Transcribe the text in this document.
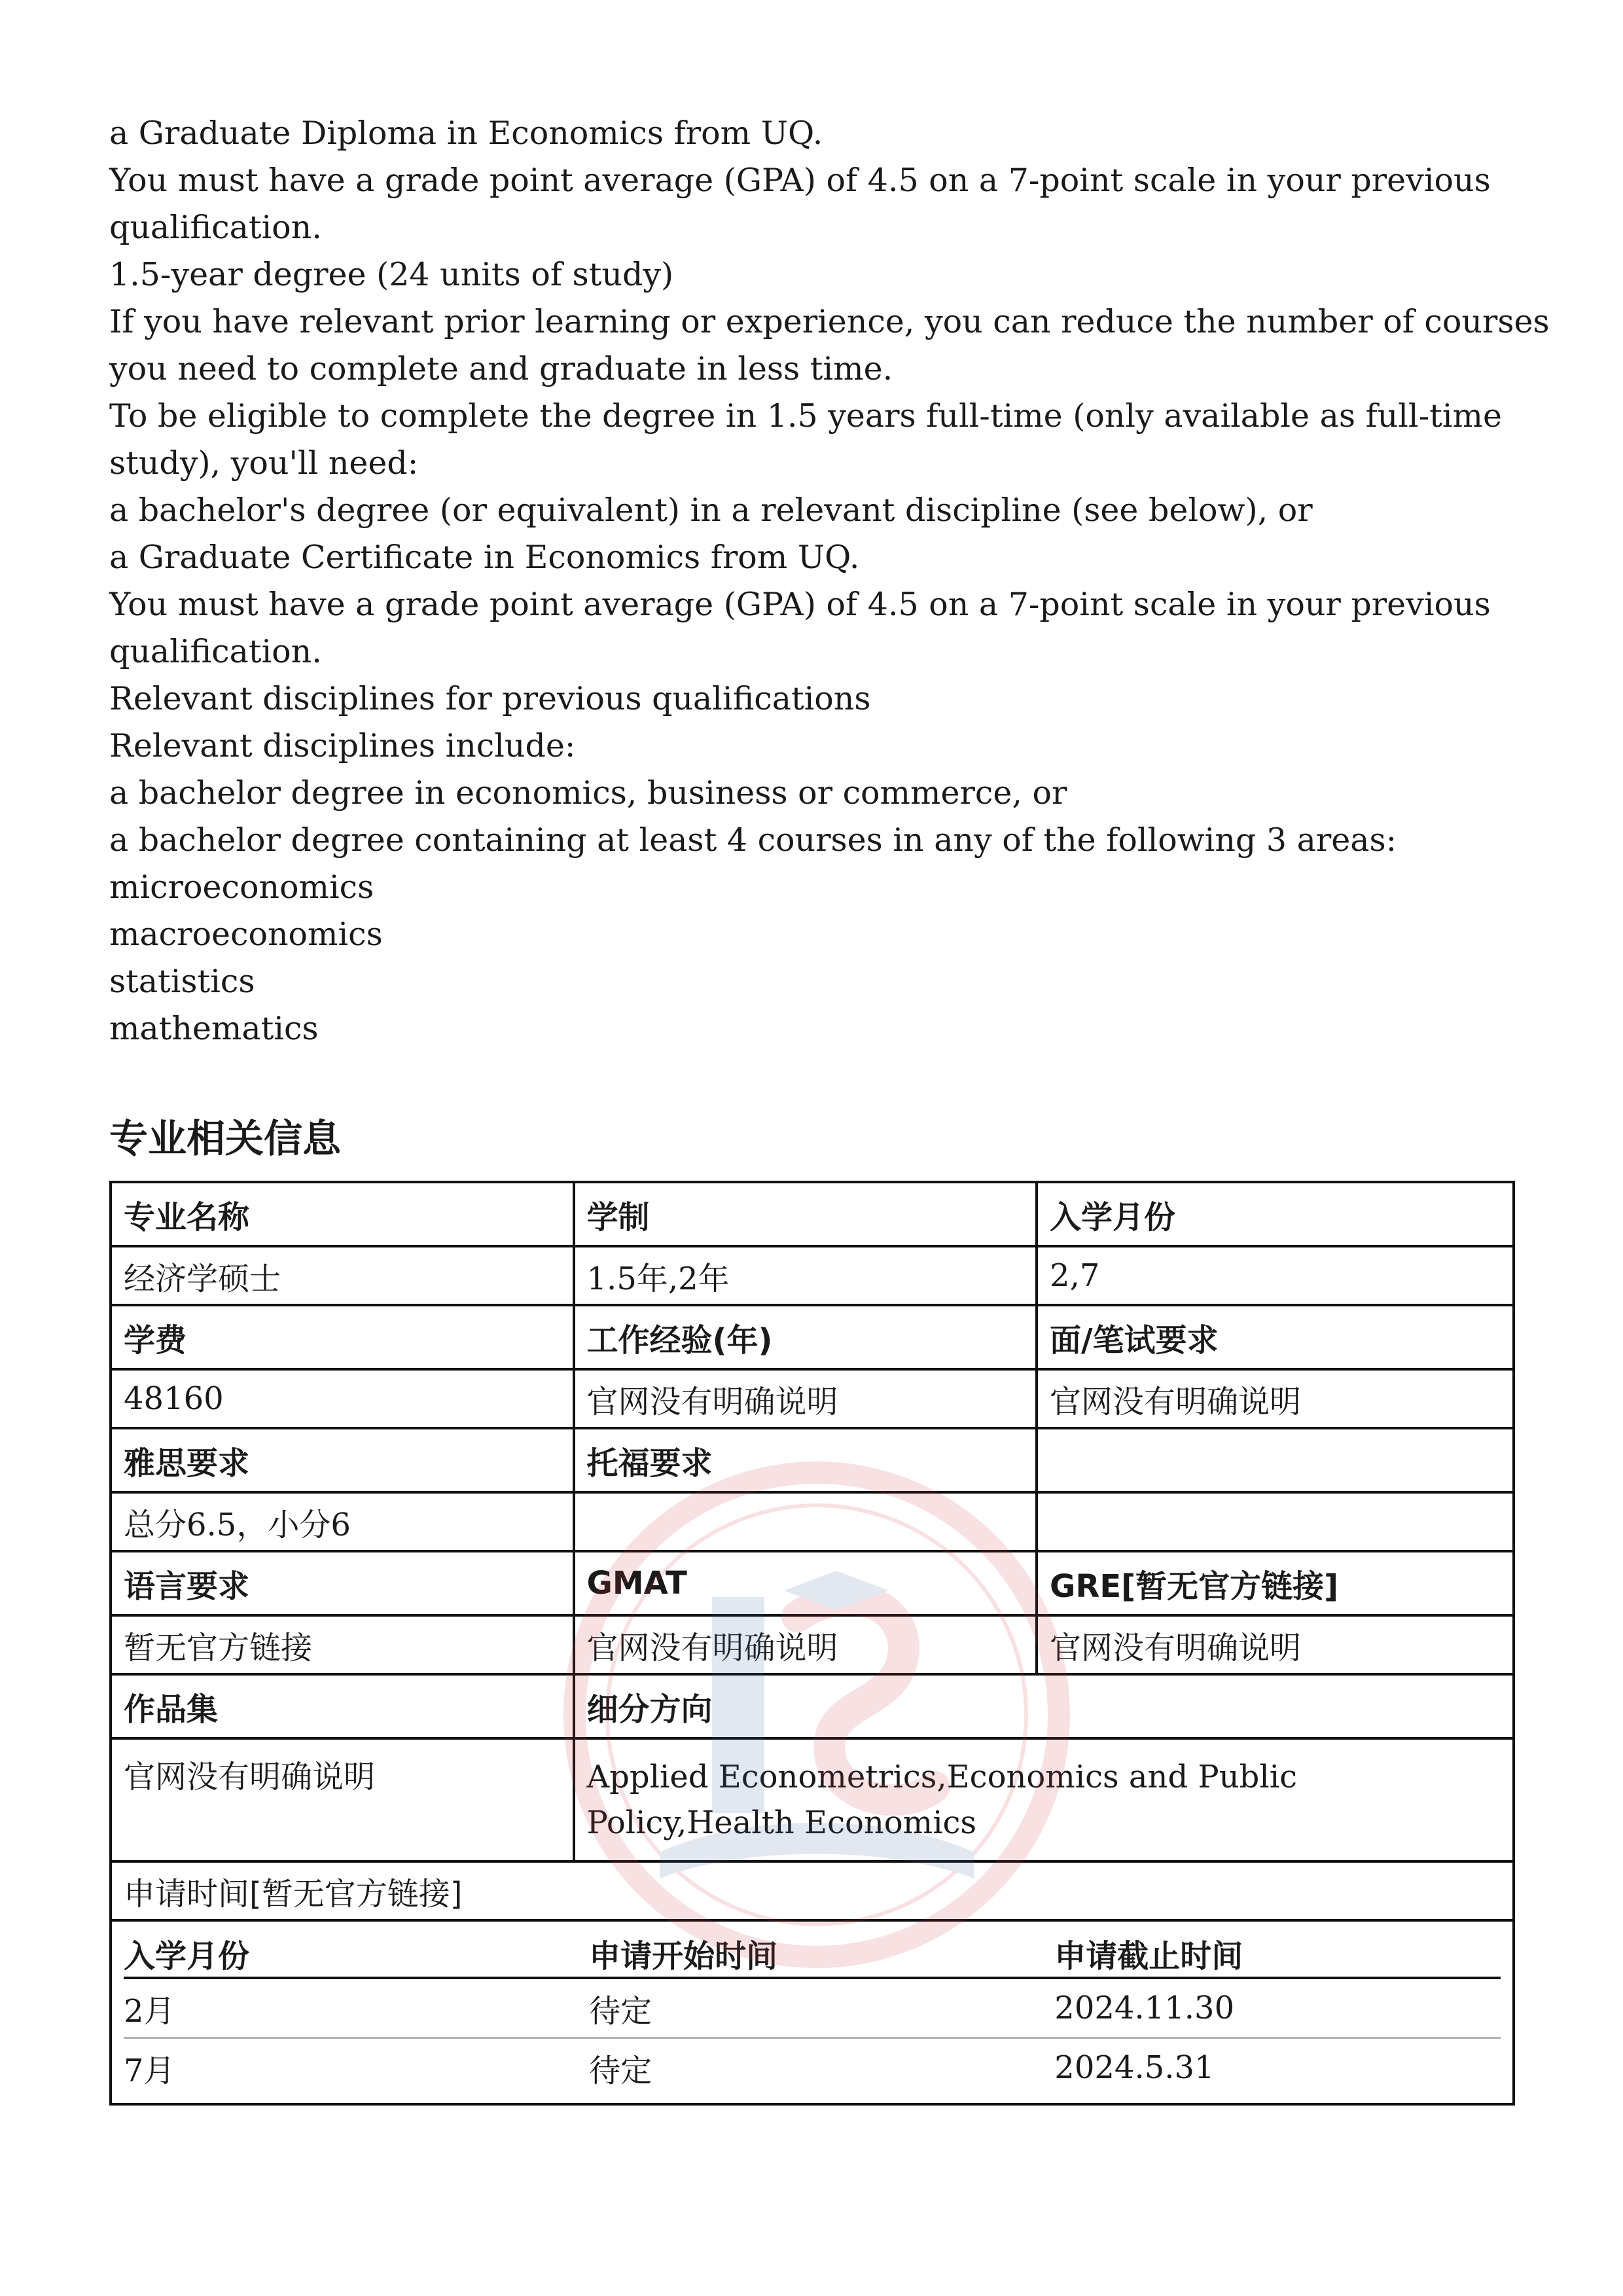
a Graduate Diploma in Economics from UQ.
You must have a grade point average (GPA) of 4.5 on a 7-point scale in your previous
qualification.
1.5-year degree (24 units of study)
If you have relevant prior learning or experience, you can reduce the number of courses
you need to complete and graduate in less time.
To be eligible to complete the degree in 1.5 years full-time (only available as full-time
study), you'll need:
a bachelor's degree (or equivalent) in a relevant discipline (see below), or
a Graduate Certificate in Economics from UQ.
You must have a grade point average (GPA) of 4.5 on a 7-point scale in your previous
qualification.
Relevant disciplines for previous qualifications
Relevant disciplines include:
a bachelor degree in economics, business or commerce, or
a bachelor degree containing at least 4 courses in any of the following 3 areas:
microeconomics
macroeconomics
statistics
mathematics
专业相关信息
专业名称	学制	入学月份
经济学硕士	1.5年,2年	2,7
学费	工作经验(年)	面/笔试要求
48160	官网没有明确说明	官网没有明确说明
雅思要求	托福要求	
总分6.5，小分6		
语言要求	GMAT	GRE[暂无官方链接]
暂无官方链接	官网没有明确说明	官网没有明确说明
作品集	细分方向
官网没有明确说明	Applied Econometrics,Economics and Public Policy,Health Economics
申请时间[暂无官方链接]

入学月份	申请开始时间	申请截止时间
2月	待定	2024.11.30
7月	待定	2024.5.31
